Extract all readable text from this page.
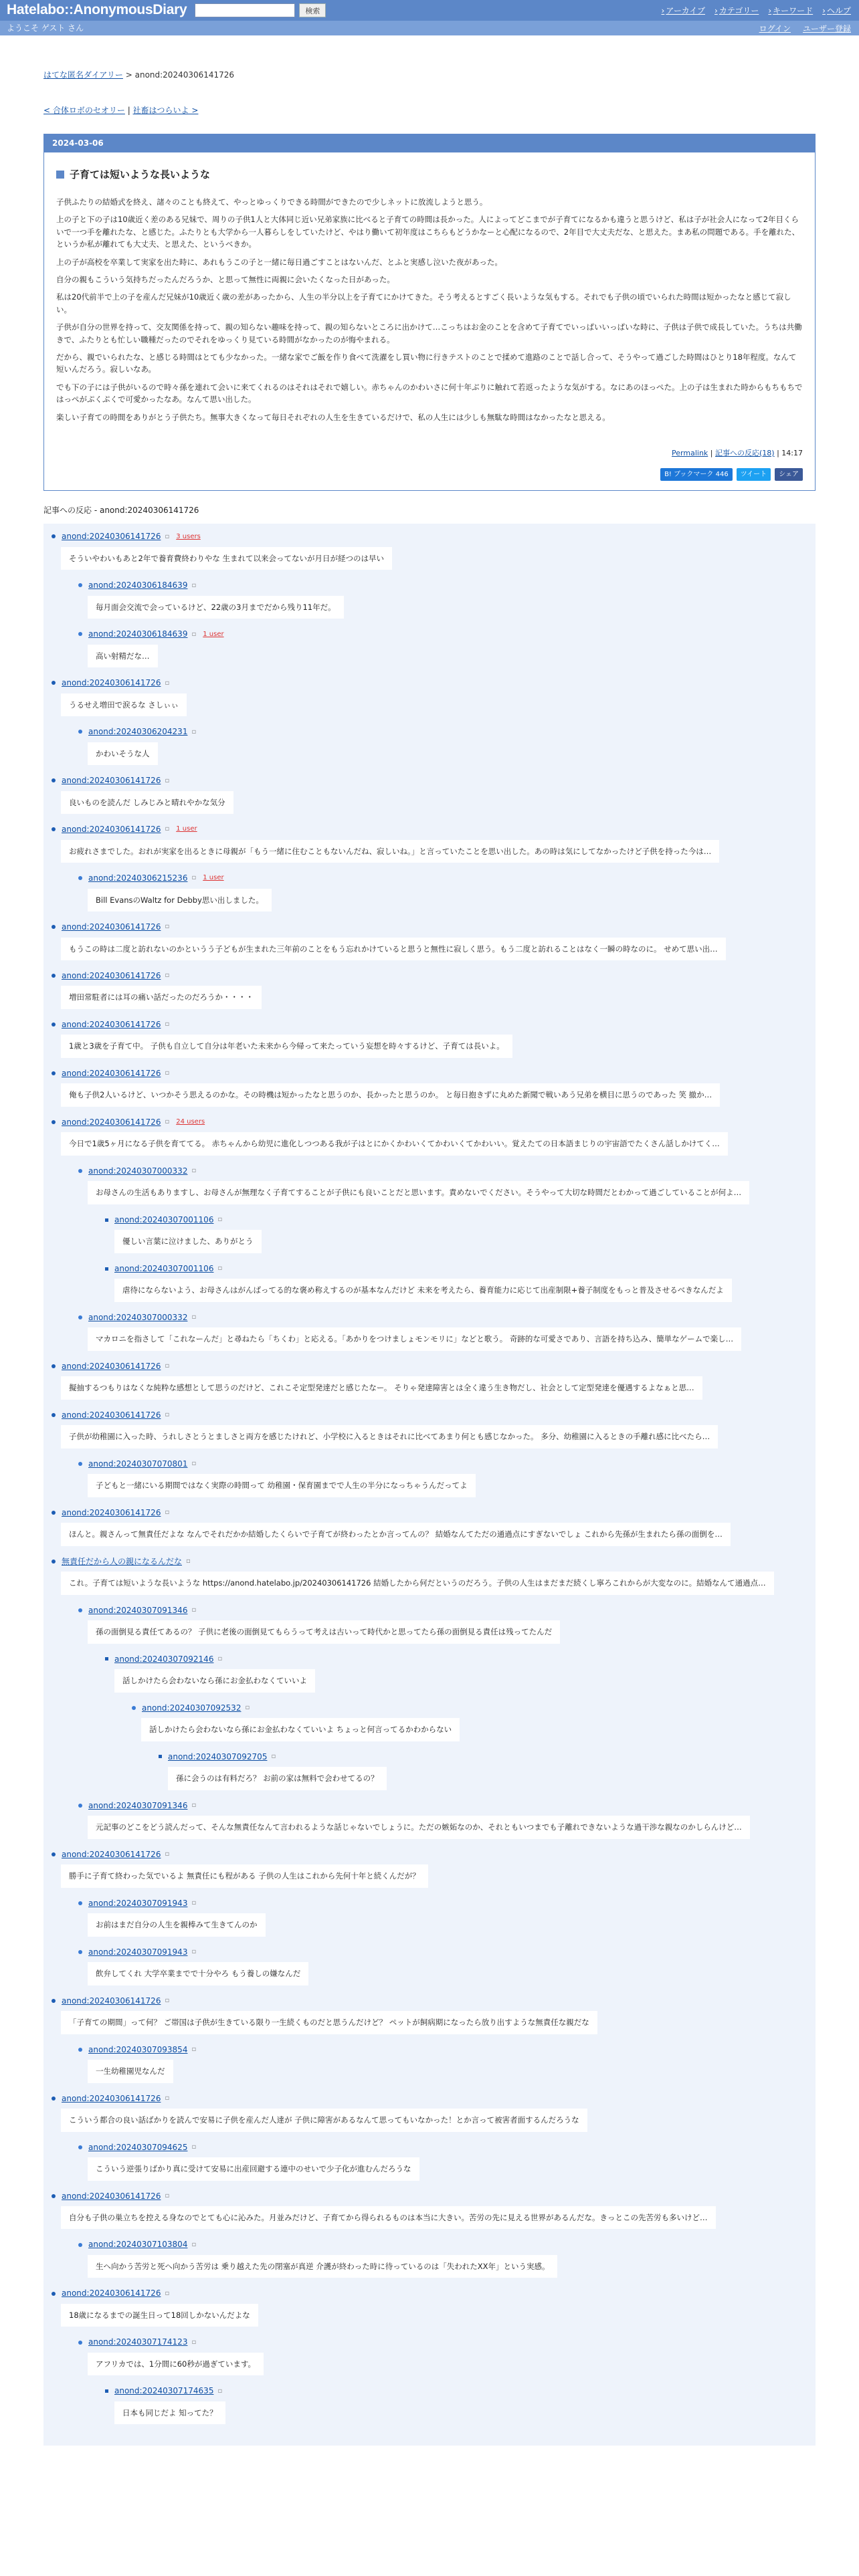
Hatelabo::AnonymousDiary	検索	› アーカイブ	› カテゴリー	› キーワード	› ヘルプ
ようこそ ゲスト さん	ログイン ユーザー登録
はてな匿名ダイアリー > anond:20240306141726
< 合体ロボのセオリー | 社畜はつらいよ >
2024-03-06
子育ては短いような長いような

子供ふたりの結婚式を終え、諸々のことも終えて、やっとゆっくりできる時間ができたので少しネットに放流しようと思う。

上の子と下の子は10歳近く差のある兄妹で、周りの子供1人と大体同じ近い兄弟家族に比べると子育ての時間は長かった。人によってどこまでが子育てになるかも違うと思うけど、私は子が社会人になって2年目くらいで一つ手を離れたな、と感じた。ふたりとも大学から一人暮らしをしていたけど、やはり働いて初年度はこちらもどうかなーと心配になるので、2年目で大丈夫だな、と思えた。まあ私の問題である。手を離れた、というか私が離れても大丈夫、と思えた、というべきか。

上の子が高校を卒業して実家を出た時に、あれもうこの子と一緒に毎日過ごすことはないんだ、とふと実感し泣いた夜があった。

自分の親もこういう気持ちだったんだろうか、と思って無性に両親に会いたくなった日があった。

私は20代前半で上の子を産んだ兄妹が10歳近く歳の差があったから、人生の半分以上を子育てにかけてきた。そう考えるとすごく長いような気もする。それでも子供の頃でいられた時間は短かったなと感じて寂しい。

子供が自分の世界を持って、交友関係を持って、親の知らない趣味を持って、親の知らないところに出かけて…こっちはお金のことを含めて子育てでいっぱいいっぱいな時に、子供は子供で成長していた。うちは共働きで、ふたりとも忙しい職種だったのでそれをゆっくり見ている時間がなかったのが悔やまれる。

だから、親でいられたな、と感じる時間はとても少なかった。一緒な家でご飯を作り食べて洗濯をし買い物に行きテストのことで揉めて進路のことで話し合って、そうやって過ごした時間はひとり18年程度。なんて短いんだろう。寂しいなあ。

でも下の子には子供がいるので時々孫を連れて会いに来てくれるのはそれはそれで嬉しい。赤ちゃんのかわいさに何十年ぶりに触れて若返ったような気がする。なにあのほっぺた。上の子は生まれた時からもちもちではっぺがぷくぷくで可愛かったなあ。なんて思い出した。

楽しい子育ての時間をありがとう子供たち。無事大きくなって毎日それぞれの人生を生きているだけで、私の人生には少しも無駄な時間はなかったなと思える。

Permalink | 記事への反応(18) | 14:17
B! ブックマーク 446	ツイート	シェア
記事への反応 - anond:20240306141726
anond:20240306141726 ▫ 3 users
そういやわいもあと2年で養育費終わりやな 生まれて以来会ってないが月日が経つのは早い
anond:20240306184639 ▫
毎月面会交流で会っているけど、22歳の3月までだから残り11年だ。
anond:20240306184639 ▫ 1 user
高い射精だな…
anond:20240306141726 ▫
うるせえ増田で涙るな さしぃぃ
anond:20240306204231 ▫
かわいそうな人
anond:20240306141726 ▫
良いものを読んだ しみじみと晴れやかな気分
anond:20240306141726 ▫ 1 user
お疲れさまでした。おれが実家を出るときに母親が「もう一緒に住むこともないんだね、寂しいね。」と言っていたことを思い出した。あの時は気にしてなかったけど子供を持った今は…
anond:20240306215236 ▫ 1 user
Bill EvansのWaltz for Debby思い出しました。
anond:20240306141726 ▫
もうこの時は二度と訪れないのかというう子どもが生まれた三年前のことをもう忘れかけていると思うと無性に寂しく思う。もう二度と訪れることはなく一瞬の時なのに。 せめて思い出…
anond:20240306141726 ▫
増田常駐者には耳の痛い話だったのだろうか・・・・
anond:20240306141726 ▫
1歳と3歳を子育て中。 子供も自立して自分は年老いた未来から今帰って来たっていう妄想を時々するけど、子育ては長いよ。
anond:20240306141726 ▫
俺も子供2人いるけど、いつかそう思えるのかな。その時機は短かったなと思うのか、長かったと思うのか。 と毎日抱きずに丸めた新聞で戦いあう兄弟を横目に思うのであった 笑 撤か…
anond:20240306141726 ▫ 24 users
今日で1歳5ヶ月になる子供を育ててる。 赤ちゃんから幼児に進化しつつある我が子はとにかくかわいくてかわいくてかわいい。覚えたての日本語まじりの宇宙語でたくさん話しかけてく…
anond:20240307000332 ▫
お母さんの生活もありますし、お母さんが無理なく子育てすることが子供にも良いことだと思います。責めないでください。そうやって大切な時間だとわかって過ごしていることが何よ…
anond:20240307001106 ▫
優しい言葉に泣けました、ありがとう
anond:20240307001106 ▫
虐待にならないよう、お母さんはがんばってる的な褒め称えするのが基本なんだけど 未来を考えたら、養育能力に応じて出産制限+養子制度をもっと普及させるべきなんだよ
anond:20240307000332 ▫
マカロニを指さして「これなーんだ」と尋ねたら「ちくわ」と応える。「あかりをつけましょモンモリに」などと歌う。 奇跡的な可愛さであり、言語を持ち込み、簡単なゲームで楽し…
anond:20240306141726 ▫
擬抽するつもりはなくな純粋な感想として思うのだけど、これこそ定型発達だと感じたなー。 そりゃ発達障害とは全く違う生き物だし、社会として定型発達を優遇するよなぁと思…
anond:20240306141726 ▫
子供が幼稚園に入った時、うれしさとうとましさと両方を感じたけれど、小学校に入るときはそれに比べてあまり何とも感じなかった。 多分、幼稚園に入るときの手離れ感に比べたら…
anond:20240307070801 ▫
子どもと一緒にいる期間ではなく実際の時間って 幼稚園・保育園までで人生の半分になっちゃうんだってよ
anond:20240306141726 ▫
ほんと。親さんって無責任だよな なんでそれだかか結婚したくらいで子育てが終わったとか言ってんの？ 結婚なんてただの通過点にすぎないでしょ これから先孫が生まれたら孫の面倒を…
無責任だから人の親になるんだな ▫
これ。子育ては短いような長いような https://anond.hatelabo.jp/20240306141726 結婚したから何だというのだろう。子供の人生はまだまだ続くし寧ろこれからが大変なのに。結婚なんて通過点…
anond:20240307091346 ▫
孫の面倒見る責任てあるの？ 子供に老後の面倒見てもらうって考えは古いって時代かと思ってたら孫の面倒見る責任は残ってたんだ
anond:20240307092146 ▫
話しかけたら会わないなら孫にお金払わなくていいよ
anond:20240307092532 ▫
話しかけたら会わないなら孫にお金払わなくていいよ ちょっと何言ってるかわからない
anond:20240307092705 ▫
孫に会うのは有料だろ？ お前の家は無料で会わせてるの？
anond:20240307091346 ▫
元記事のどこをどう読んだって、そんな無責任なんて言われるような話じゃないでしょうに。ただの嫉妬なのか、それともいつまでも子離れできないような過干渉な親なのかしらんけど…
anond:20240306141726 ▫
勝手に子育て終わった気でいるよ 無責任にも程がある 子供の人生はこれから先何十年と続くんだが？
anond:20240307091943 ▫
お前はまだ自分の人生を親棒みて生きてんのか
anond:20240307091943 ▫
飲弁してくれ 大学卒業までで十分やろ もう養しの嫌なんだ
anond:20240306141726 ▫
「子育ての期間」って何？ ご帯国は子供が生きている限り一生続くものだと思うんだけど？ ペットが飼病期になったら放り出すような無責任な親だな
anond:20240307093854 ▫
一生幼稚園児なんだ
anond:20240306141726 ▫
こういう都合の良い話ばかりを読んで安易に子供を産んだ人達が 子供に障害があるなんて思ってもいなかった！とか言って被害者面するんだろうな
anond:20240307094625 ▫
こういう逆張りばかり真に受けて安易に出産回避する連中のせいで少子化が進むんだろうな
anond:20240306141726 ▫
自分も子供の巣立ちを控える身なのでとても心に沁みた。月並みだけど、子育てから得られるものは本当に大きい。苦労の先に見える世界があるんだな。きっとこの先苦労も多いけど…
anond:20240307103804 ▫
生へ向かう苦労と死へ向かう苦労は 乗り越えた先の閉塞が真逆 介護が終わった時に待っているのは「失われたXX年」という実感。
anond:20240306141726 ▫
18歳になるまでの誕生日って18回しかないんだよな
anond:20240307174123 ▫
アフリカでは、1分間に60秒が過ぎています。
anond:20240307174635 ▫
日本も同じだよ 知ってた？
